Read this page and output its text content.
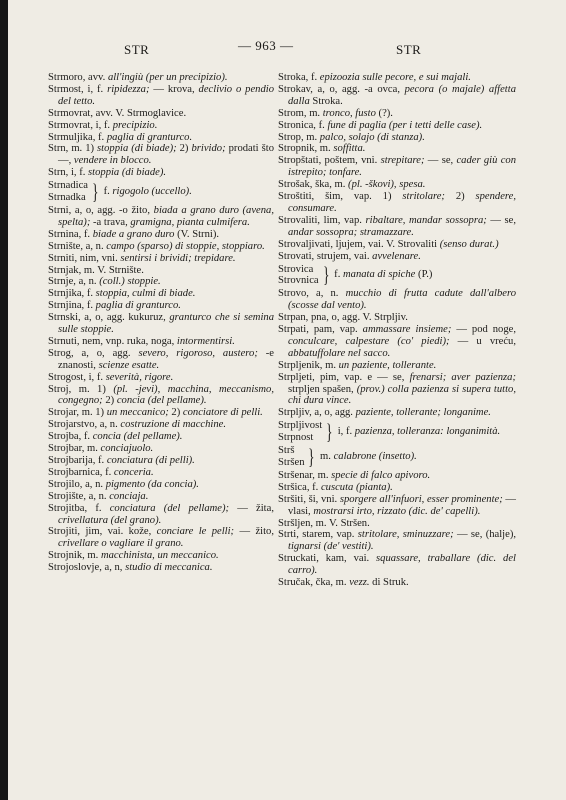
STR	— 963 —	STR

Strmoro, avv. all'ingiù (per un precipizio).

Strmost, i, f. ripidezza; — krova, declivio o pendio del tetto.

Strmovrat, avv. V. Strmoglavice.

Strmovrat, i, f. precipizio.

Strmuljika, f. paglia di granturco.

Strn, m. 1) stoppia (di biade); 2) brivido; prodati što —, vendere in blocco.

Strn, i, f. stoppia (di biade).

Strnadica
Strnadka } f. rigogolo (uccello).

Strni, a, o, agg. -o žito, biada a grano duro (avena, spelta); -a trava, gramigna, pianta culmifera.

Strnina, f. biade a grano duro (V. Strni).

Strnište, a, n. campo (sparso) di stoppie, stoppiaro.

Strniti, nim, vni. sentirsi i brividi; trepidare.

Strnjak, m. V. Strnište.

Strnje, a, n. (coll.) stoppie.

Strnjika, f. stoppia, culmi di biade.

Strnjina, f. paglia di granturco.

Strnski, a, o, agg. kukuruz, granturco che si semina sulle stoppie.

Strnuti, nem, vnp. ruka, noga, intormentirsi.

Strog, a, o, agg. severo, rigoroso, austero; -e znanosti, scienze esatte.

Strogost, i, f. severità, rigore.

Stroj, m. 1) (pl. -jevi), macchina, meccanismo, congegno; 2) concia (del pellame).

Strojar, m. 1) un meccanico; 2) conciatore di pelli.

Strojarstvo, a, n. costruzione di macchine.

Strojba, f. concia (del pellame).

Strojbar, m. conciajuolo.

Strojbarija, f. conciatura (di pelli).

Strojbarnica, f. conceria.

Strojilo, a, n. pigmento (da concia).

Strojište, a, n. conciaja.

Strojitba, f. conciatura (del pellame); — žita, crivellatura (del grano).

Strojiti, jim, vai. kože, conciare le pelli; — žito, crivellare o vagliare il grano.

Strojnik, m. macchinista, un meccanico.

Strojoslovje, a, n, studio di meccanica.

Stroka, f. epizoozia sulle pecore, e sui majali.

Strokav, a, o, agg. -a ovca, pecora (o majale) affetta dalla Stroka.

Strom, m. tronco, fusto (?).

Stronica, f. fune di paglia (per i tetti delle case).

Strop, m. palco, solajo (di stanza).

Stropnik, m. soffitta.

Stropštati, poštem, vni. strepitare; — se, cader giù con istrepito; tonfare.

Strošak, ška, m. (pl. -škovi), spesa.

Stroštiti, šim, vap. 1) stritolare; 2) spendere, consumare.

Strovaliti, lim, vap. ribaltare, mandar sossopra; — se, andar sossopra; stramazzare.

Strovaljivati, ljujem, vai. V. Strovaliti (senso durat.)

Strovati, strujem, vai. avvelenare.

Strovica
Strovnica } f. manata di spiche (P.)

Strovo, a, n. mucchio di frutta cadute dall'albero (scosse dal vento).

Strpan, pna, o, agg. V. Strpljiv.

Strpati, pam, vap. ammassare insieme; — pod noge, conculcare, calpestare (co' piedi); — u vreću, abbatuffolare nel sacco.

Strpljenik, m. un paziente, tollerante.

Strpljeti, pim, vap. e — se, frenarsi; aver pazienza; strpljen spašen, (prov.) colla pazienza si supera tutto, chi dura vince.

Strpljiv, a, o, agg. paziente, tollerante; longanime.

Strpljivost
Strpnost } i, f. pazienza, tolleranza: longanimità.
Strš
Stršen } m. calabrone (insetto).

Stršenar, m. specie di falco apivoro.

Stršica, f. cuscuta (pianta).

Stršiti, ši, vni. sporgere all'infuori, esser prominente; — vlasi, mostrarsi irto, rizzato (dic. de' capelli).

Stršljen, m. V. Stršen.

Strti, starem, vap. stritolare, sminuzzare; — se, (halje), tignarsi (de' vestiti).

Struckati, kam, vai. squassare, traballare (dic. del carro).

Stručak, čka, m. vezz. di Struk.
